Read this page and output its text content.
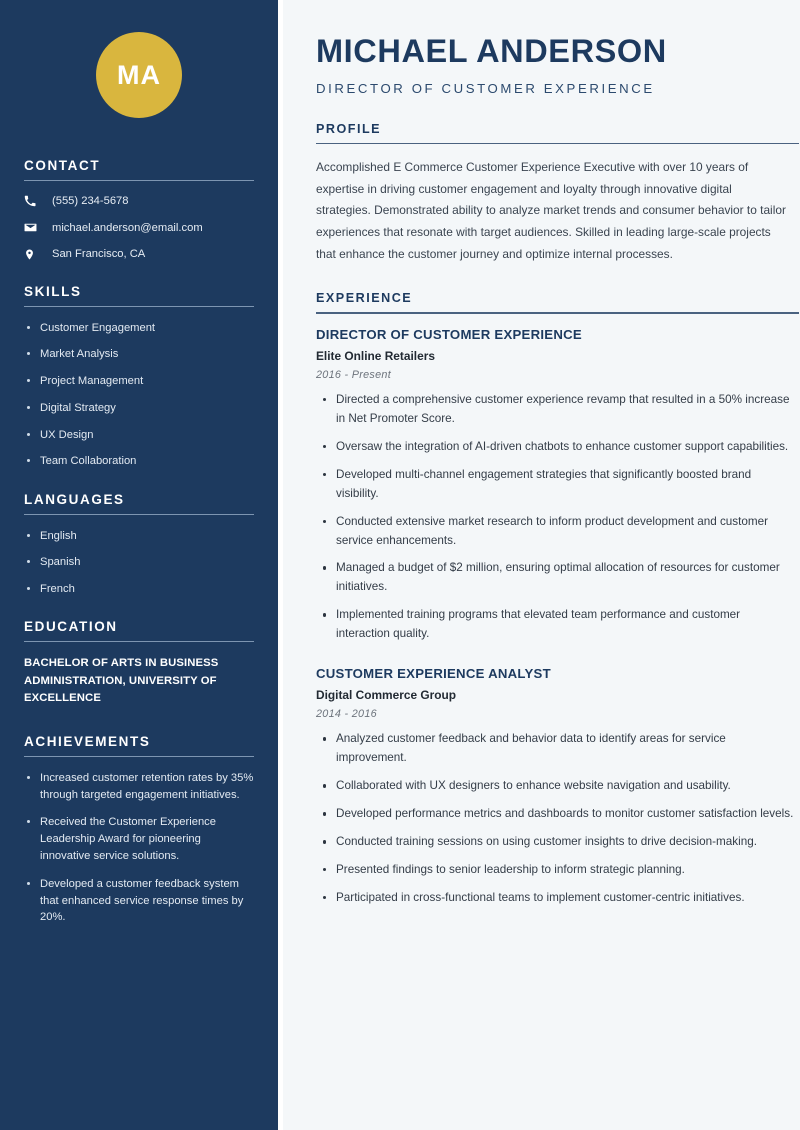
MA
CONTACT
(555) 234-5678
michael.anderson@email.com
San Francisco, CA
SKILLS
Customer Engagement
Market Analysis
Project Management
Digital Strategy
UX Design
Team Collaboration
LANGUAGES
English
Spanish
French
EDUCATION
BACHELOR OF ARTS IN BUSINESS ADMINISTRATION, UNIVERSITY OF EXCELLENCE
ACHIEVEMENTS
Increased customer retention rates by 35% through targeted engagement initiatives.
Received the Customer Experience Leadership Award for pioneering innovative service solutions.
Developed a customer feedback system that enhanced service response times by 20%.
MICHAEL ANDERSON
DIRECTOR OF CUSTOMER EXPERIENCE
PROFILE

Accomplished E Commerce Customer Experience Executive with over 10 years of expertise in driving customer engagement and loyalty through innovative digital strategies. Demonstrated ability to analyze market trends and consumer behavior to tailor experiences that resonate with target audiences. Skilled in leading large-scale projects that enhance the customer journey and optimize internal processes.

EXPERIENCE
DIRECTOR OF CUSTOMER EXPERIENCE
Elite Online Retailers
2016 - Present
Directed a comprehensive customer experience revamp that resulted in a 50% increase in Net Promoter Score.
Oversaw the integration of AI-driven chatbots to enhance customer support capabilities.
Developed multi-channel engagement strategies that significantly boosted brand visibility.
Conducted extensive market research to inform product development and customer service enhancements.
Managed a budget of $2 million, ensuring optimal allocation of resources for customer initiatives.
Implemented training programs that elevated team performance and customer interaction quality.
CUSTOMER EXPERIENCE ANALYST
Digital Commerce Group
2014 - 2016
Analyzed customer feedback and behavior data to identify areas for service improvement.
Collaborated with UX designers to enhance website navigation and usability.
Developed performance metrics and dashboards to monitor customer satisfaction levels.
Conducted training sessions on using customer insights to drive decision-making.
Presented findings to senior leadership to inform strategic planning.
Participated in cross-functional teams to implement customer-centric initiatives.
